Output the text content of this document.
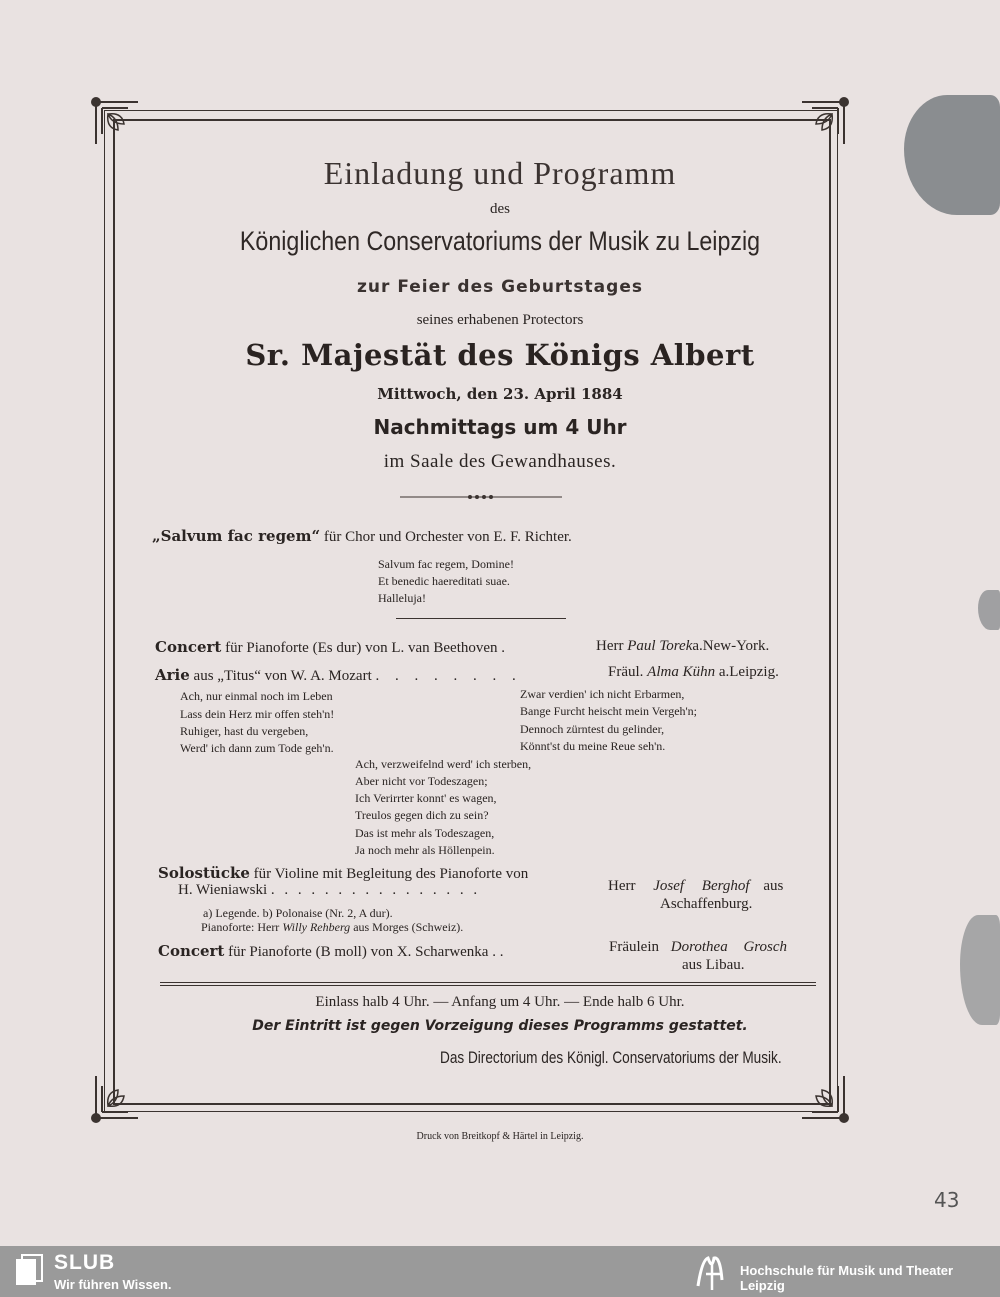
Einladung und Programm
des
Königlichen Conservatoriums der Musik zu Leipzig
zur Feier des Geburtstages
seines erhabenen Protectors
Sr. Majestät des Königs Albert
Mittwoch, den 23. April 1884
Nachmittags um 4 Uhr
im Saale des Gewandhauses.
„Salvum fac regem“ für Chor und Orchester von E. F. Richter.
Salvum fac regem, Domine!
Et benedic haereditati suae.
Halleluja!
Concert für Pianoforte (Es dur) von L. van Beethoven .	Herr Paul Toreka.New-York.
Arie aus „Titus“ von W. A. Mozart . . . . . . . .	Fräul. Alma Kühn a.Leipzig.
Ach, nur einmal noch im Leben
Lass dein Herz mir offen steh'n!
Ruhiger, hast du vergeben,
Werd' ich dann zum Tode geh'n.
Zwar verdien' ich nicht Erbarmen,
Bange Furcht heischt mein Vergeh'n;
Dennoch zürntest du gelinder,
Könnt'st du meine Reue seh'n.
Ach, verzweifelnd werd' ich sterben,
Aber nicht vor Todeszagen;
Ich Verirrter konnt' es wagen,
Treulos gegen dich zu sein?
Das ist mehr als Todeszagen,
Ja noch mehr als Höllenpein.
Solostücke für Violine mit Begleitung des Pianoforte von
H. Wieniawski . . . . . . . . . . . . . . . .	Herr Josef Berghof aus
Aschaffenburg.
a) Legende. b) Polonaise (Nr. 2, A dur).
Pianoforte: Herr Willy Rehberg aus Morges (Schweiz).
Concert für Pianoforte (B moll) von X. Scharwenka . .	Fräulein Dorothea Grosch
aus Libau.
Einlass halb 4 Uhr. — Anfang um 4 Uhr. — Ende halb 6 Uhr.
Der Eintritt ist gegen Vorzeigung dieses Programms gestattet.
Das Directorium des Königl. Conservatoriums der Musik.
Druck von Breitkopf & Härtel in Leipzig.
43
SLUB
Wir führen Wissen.
Hochschule für Musik und Theater Leipzig
